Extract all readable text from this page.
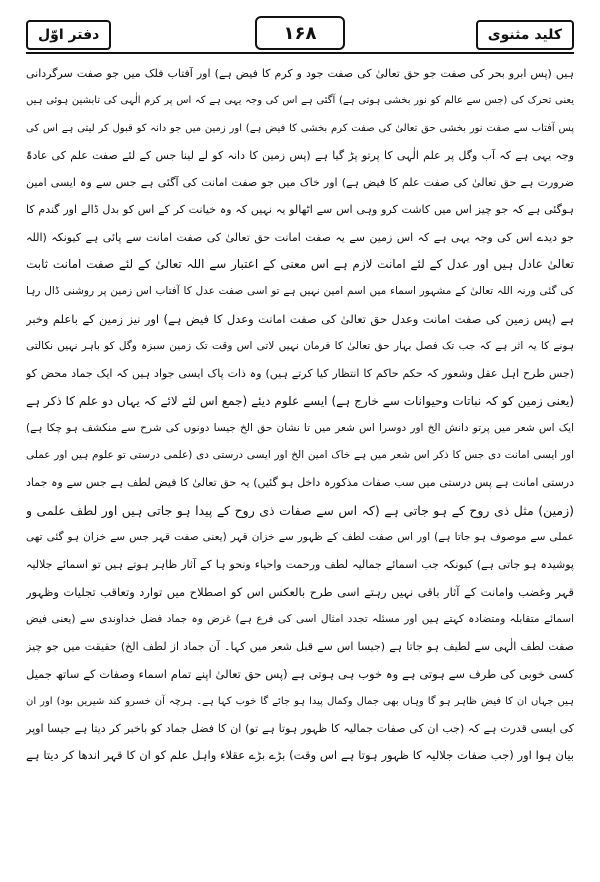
کلید مثنوی
۱۶۸
دفتر اوّل
ہیں (پس ابرو بحر کی صفت جو حق تعالیٰ کی صفت جود و کرم کا فیض ہے) اور آفتاب فلک میں جو صفت سرگردانی
یعنی تحرک کی (جس سے عالم کو نور بخشی ہوتی ہے) آگئی ہے اس کی وجہ یہی ہے کہ اس پر کرم الٰہی کی تابشین ہوئی ہیں
پس آفتاب سے صفت نور بخشی حق تعالیٰ کی صفت کرم بخشی کا فیض ہے) اور زمین میں جو دانہ کو قبول کر لیتی ہے اس کی
وجہ یہی ہے کہ آب وگل پر علم الٰہی کا پرتو پڑ گیا ہے (پس زمین کا دانہ کو لے لینا جس کے لئے صفت علم کی عادۃً
ضرورت ہے حق تعالیٰ کی صفت علم کا فیض ہے) اور خاک میں جو صفت امانت کی آگئی ہے جس سے وہ ایسی امین
ہوگئی ہے کہ جو چیز اس میں کاشت کرو وہی اس سے اٹھالو یہ نہیں کہ وہ خیانت کر کے اس کو بدل ڈالے اور گندم کا
جو دیدے اس کی وجہ یہی ہے کہ اس زمین سے یہ صفت امانت حق تعالیٰ کی صفت امانت سے پائی ہے کیونکہ (اللہ
تعالیٰ عادل ہیں اور عدل کے لئے امانت لازم ہے اس معنی کے اعتبار سے اللہ تعالیٰ کے لئے صفت امانت ثابت
کی گئی ورنہ اللہ تعالیٰ کے مشہور اسماء میں اسم امین نہیں ہے تو اسی صفت عدل کا آفتاب اس زمین پر روشنی ڈال رہا
ہے (پس زمین کی صفت امانت وعدل حق تعالیٰ کی صفت امانت وعدل کا فیض ہے) اور نیز زمین کے باعلم وخبر
ہونے کا یہ اثر ہے کہ جب تک فصل بہار حق تعالیٰ کا فرمان نہیں لاتی اس وقت تک زمین سبزہ وگل کو باہر نہیں نکالتی
(جس طرح اہل عقل وشعور کہ حکم حاکم کا انتظار کیا کرتے ہیں) وہ ذات پاک ایسی جواد ہیں کہ ایک جماد محض کو
(یعنی زمین کو کہ نباتات وحیوانات سے خارج ہے) ایسے علوم دیئے (جمع اس لئے لائے کہ یہاں دو علم کا ذکر ہے
ایک اس شعر میں پرتو دانش الخ اور دوسرا اس شعر میں تا نشان حق الخ جیسا دونوں کی شرح سے منکشف ہو چکا ہے)
اور ایسی امانت دی جس کا ذکر اس شعر میں ہے خاک امین الخ اور ایسی درستی دی (علمی درستی تو علوم ہیں اور عملی
درستی امانت ہے پس درستی میں سب صفات مذکورہ داخل ہو گئیں) یہ حق تعالیٰ کا فیض لطف ہے جس سے وہ جماد
(زمین) مثل ذی روح کے ہو جاتی ہے (کہ اس سے صفات ذی روح کے پیدا ہو جاتی ہیں اور لطف علمی و
عملی سے موصوف ہو جاتا ہے) اور اس صفت لطف کے ظہور سے خزان قہر (یعنی صفت قہر جس سے خزان ہو گئی تھی
پوشیدہ ہو جاتی ہے) کیونکہ جب اسمائے جمالیہ لطف ورحمت واحیاء ونحو ہا کے آثار ظاہر ہوتے ہیں تو اسمائے جلالیہ
قہر وغضب وامانت کے آثار باقی نہیں رہتے اسی طرح بالعکس اس کو اصطلاح میں توارد وتعاقب تجلیات وظہور
اسمائے متقابلہ ومتضادہ کہتے ہیں اور مسئلہ تجدد امثال اسی کی فرع ہے) غرض وہ جماد فضل خداوندی سے (یعنی فیض
صفت لطف الٰہی سے لطیف ہو جاتا ہے (جیسا اس سے قبل شعر میں کہا۔ آن جماد از لطف الخ) حقیقت میں جو چیز
کسی خوبی کی طرف سے ہوتی ہے وہ خوب ہی ہوتی ہے (پس حق تعالیٰ اپنے تمام اسماء وصفات کے ساتھ جمیل
ہیں جہاں ان کا فیض ظاہر ہو گا وہاں بھی جمال وکمال پیدا ہو جائے گا خوب کہا ہے۔ ہرچہ آن خسرو کند شیریں بود) اور ان
کی ایسی قدرت ہے کہ (جب ان کی صفات جمالیہ کا ظہور ہوتا ہے تو) ان کا فضل جماد کو باخبر کر دیتا ہے جیسا اوپر
بیان ہوا اور (جب صفات جلالیہ کا ظہور ہوتا ہے اس وقت) بڑے بڑے عقلاء واہل علم کو ان کا قہر اندھا کر دیتا ہے
